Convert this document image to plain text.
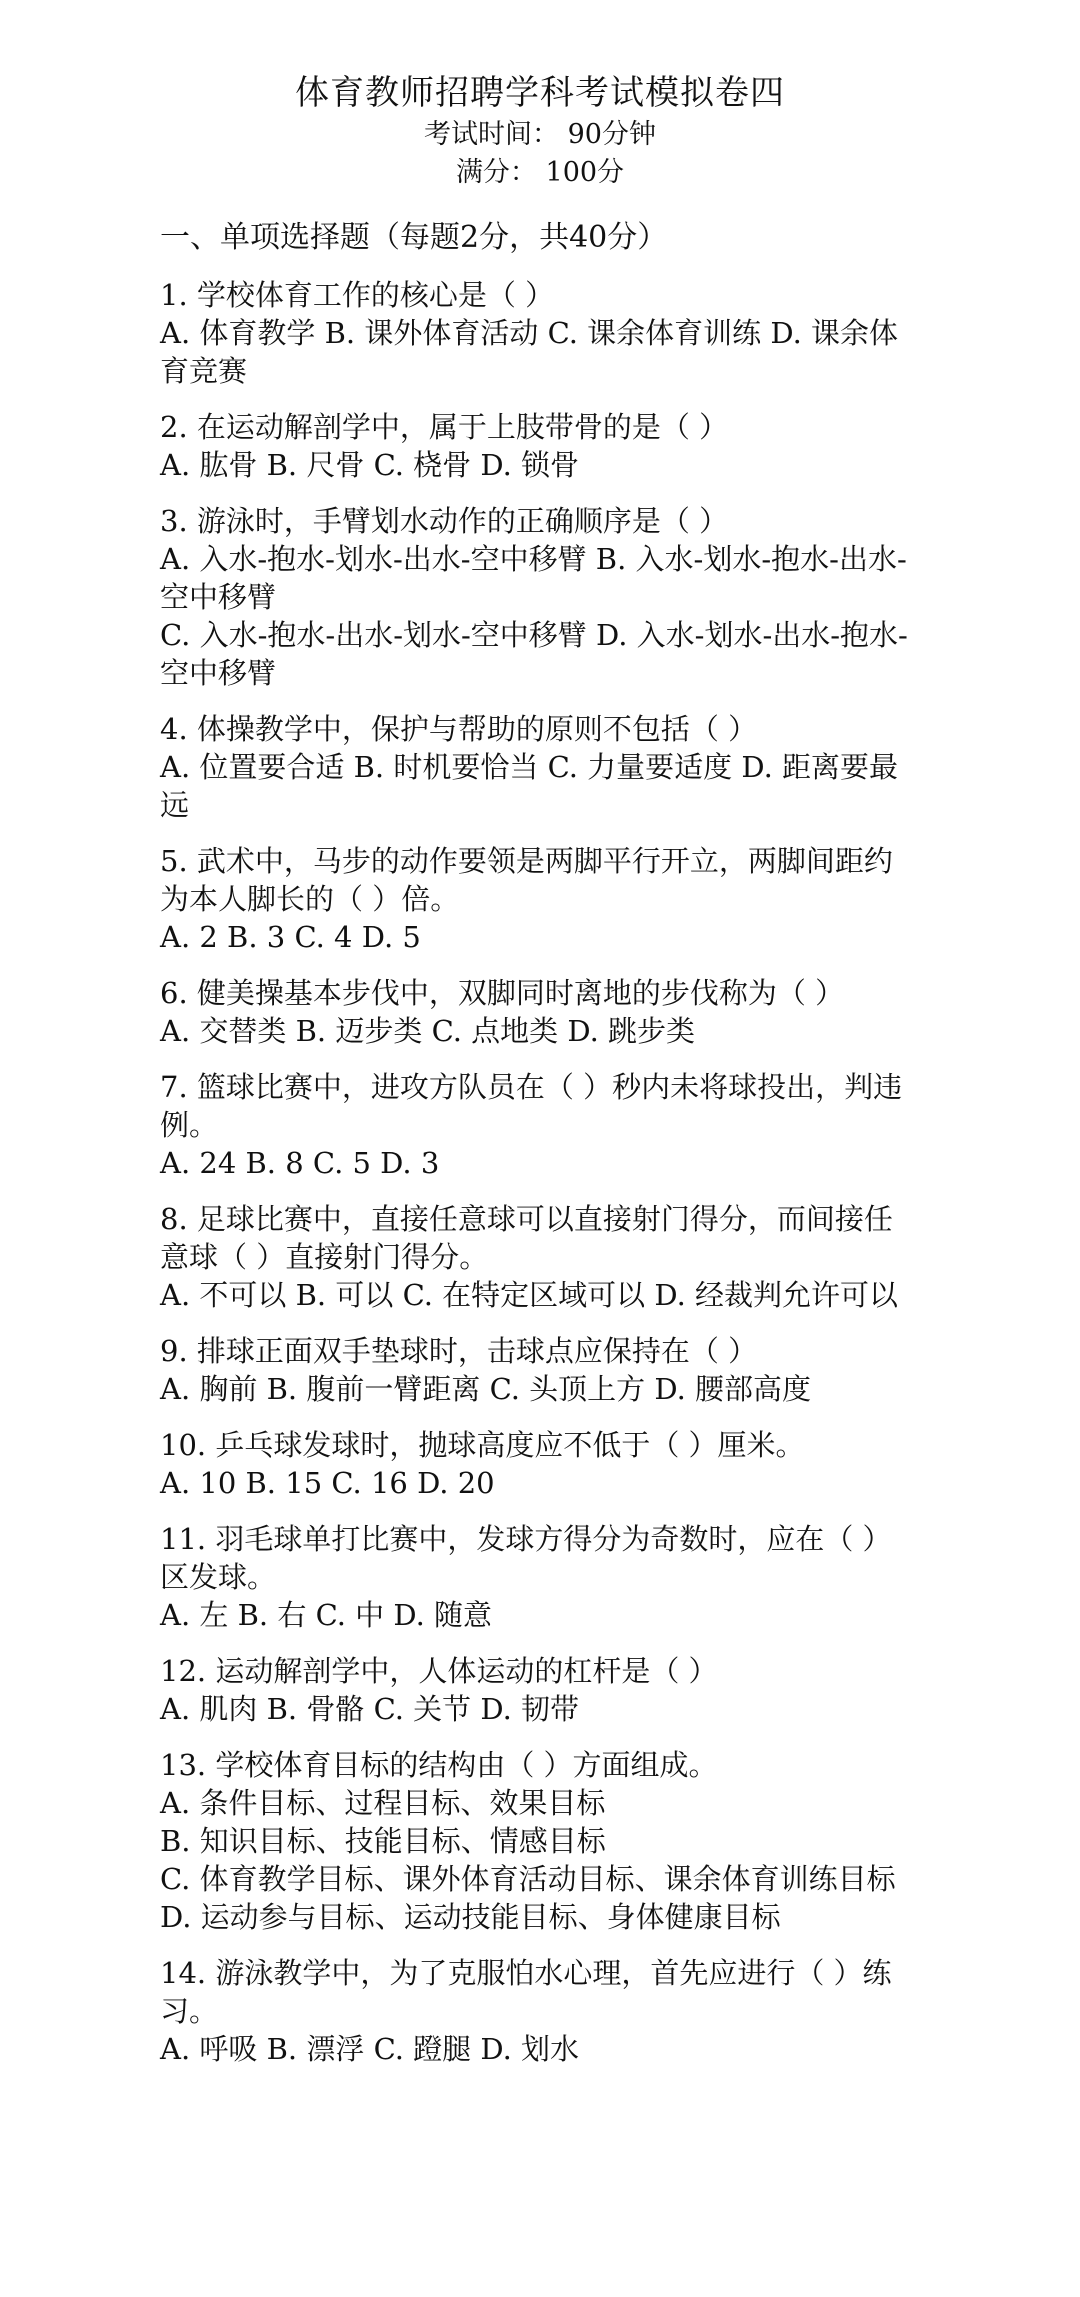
体育教师招聘学科考试模拟卷四
考试时间： 90分钟
满分： 100分
一、单项选择题（每题2分，共40分）

1. 学校体育工作的核心是（ ）

A. 体育教学 B. 课外体育活动 C. 课余体育训练 D. 课余体育竞赛

2. 在运动解剖学中，属于上肢带骨的是（ ）

A. 肱骨 B. 尺骨 C. 桡骨 D. 锁骨

3. 游泳时，手臂划水动作的正确顺序是（ ）

A. 入水-抱水-划水-出水-空中移臂 B. 入水-划水-抱水-出水-空中移臂

C. 入水-抱水-出水-划水-空中移臂 D. 入水-划水-出水-抱水-空中移臂

4. 体操教学中，保护与帮助的原则不包括（ ）

A. 位置要合适 B. 时机要恰当 C. 力量要适度 D. 距离要最远

5. 武术中，马步的动作要领是两脚平行开立，两脚间距约为本人脚长的（ ）倍。

A. 2 B. 3 C. 4 D. 5

6. 健美操基本步伐中，双脚同时离地的步伐称为（ ）

A. 交替类 B. 迈步类 C. 点地类 D. 跳步类

7. 篮球比赛中，进攻方队员在（ ）秒内未将球投出，判违例。

A. 24 B. 8 C. 5 D. 3

8. 足球比赛中，直接任意球可以直接射门得分，而间接任意球（ ）直接射门得分。

A. 不可以 B. 可以 C. 在特定区域可以 D. 经裁判允许可以

9. 排球正面双手垫球时，击球点应保持在（ ）

A. 胸前 B. 腹前一臂距离 C. 头顶上方 D. 腰部高度

10. 乒乓球发球时，抛球高度应不低于（ ）厘米。

A. 10 B. 15 C. 16 D. 20

11. 羽毛球单打比赛中，发球方得分为奇数时，应在（ ）区发球。

A. 左 B. 右 C. 中 D. 随意

12. 运动解剖学中，人体运动的杠杆是（ ）

A. 肌肉 B. 骨骼 C. 关节 D. 韧带

13. 学校体育目标的结构由（ ）方面组成。

A. 条件目标、过程目标、效果目标

B. 知识目标、技能目标、情感目标

C. 体育教学目标、课外体育活动目标、课余体育训练目标

D. 运动参与目标、运动技能目标、身体健康目标

14. 游泳教学中，为了克服怕水心理，首先应进行（ ）练习。

A. 呼吸 B. 漂浮 C. 蹬腿 D. 划水
